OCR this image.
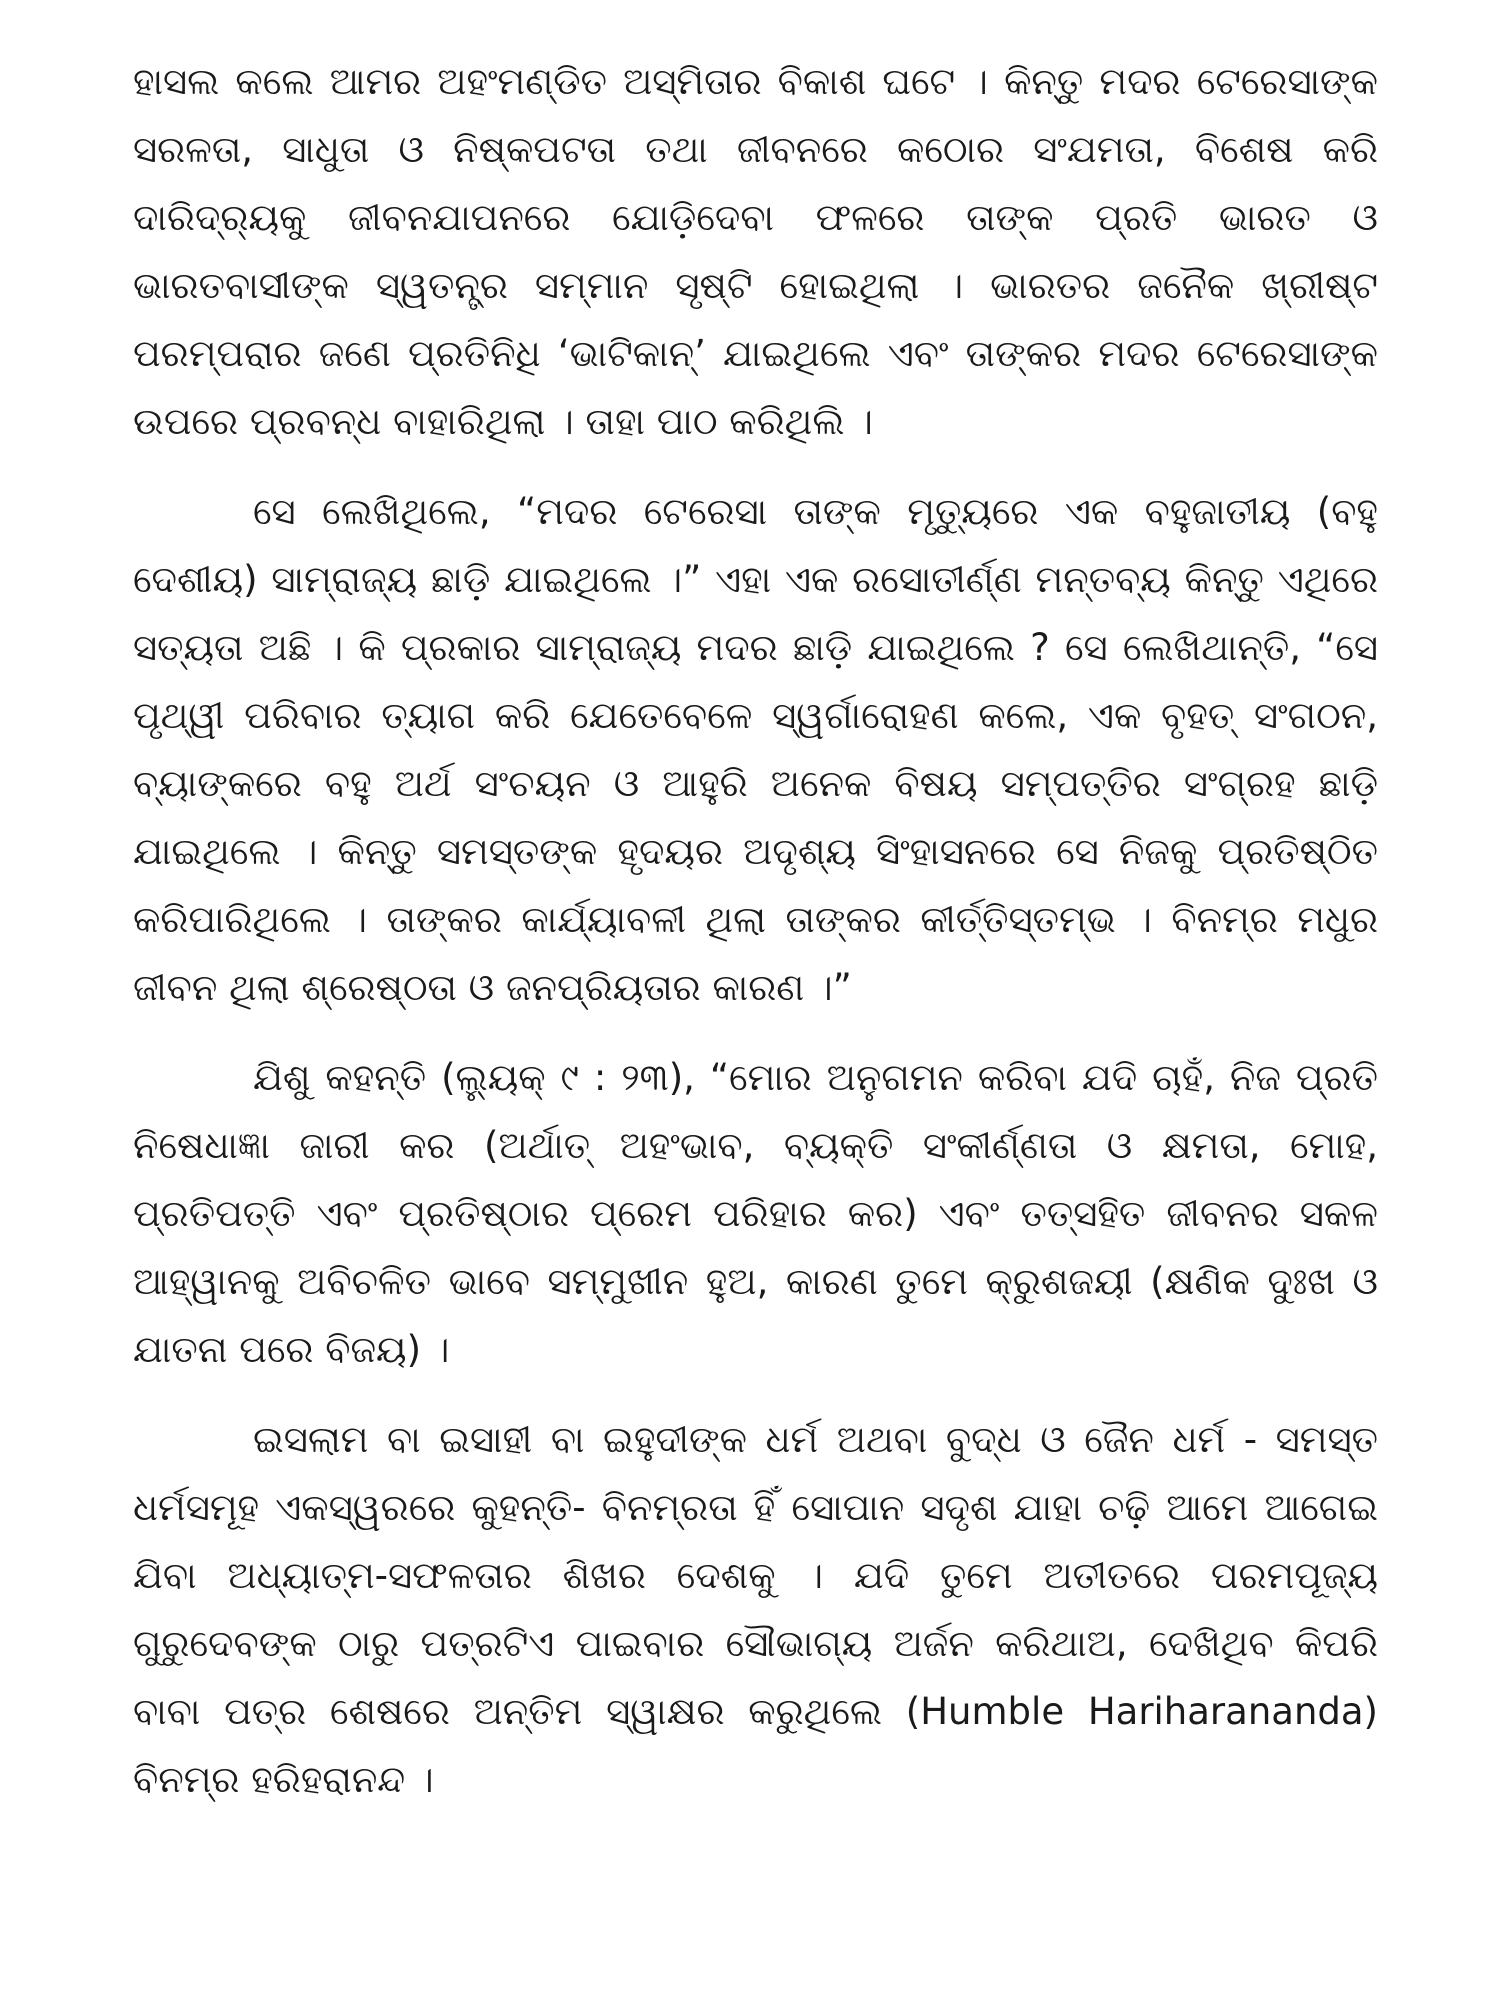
ହାସଲ କଲେ ଆମର ଅହଂମଣ୍ଡିତ ଅସ୍ମିତାର ବିକାଶ ଘଟେ । କିନ୍ତୁ ମଦର ଟେରେସାଙ୍କ ସରଳତା, ସାଧୁତା ଓ ନିଷ୍କପଟତା ତଥା ଜୀବନରେ କଠୋର ସଂଯମତା, ବିଶେଷ କରି ଦାରିଦ୍ର୍ୟକୁ ଜୀବନଯାପନରେ ଯୋଡ଼ିଦେବା ଫଳରେ ତାଙ୍କ ପ୍ରତି ଭାରତ ଓ ଭାରତବାସୀଙ୍କ ସ୍ୱତନ୍ତ୍ର ସମ୍ମାନ ସୃଷ୍ଟି ହୋଇଥିଲା । ଭାରତର ଜନୈକ ଖ୍ରୀଷ୍ଟ ପରମ୍ପରାର ଜଣେ ପ୍ରତିନିଧି ‘ଭାଟିକାନ୍’ ଯାଇଥିଲେ ଏବଂ ତାଙ୍କର ମଦର ଟେରେସାଙ୍କ ଉପରେ ପ୍ରବନ୍ଧ ବାହାରିଥିଲା । ତାହା ପାଠ କରିଥିଲି ।

ସେ ଲେଖିଥିଲେ, “ମଦର ଟେରେସା ତାଙ୍କ ମୃତ୍ୟୁରେ ଏକ ବହୁଜାତୀୟ (ବହୁ ଦେଶୀୟ) ସାମ୍ରାଜ୍ୟ ଛାଡ଼ି ଯାଇଥିଲେ ।” ଏହା ଏକ ରସୋତୀର୍ଣ୍ଣ ମନ୍ତବ୍ୟ କିନ୍ତୁ ଏଥିରେ ସତ୍ୟତା ଅଛି । କି ପ୍ରକାର ସାମ୍ରାଜ୍ୟ ମଦର ଛାଡ଼ି ଯାଇଥିଲେ ? ସେ ଲେଖିଥାନ୍ତି, “ସେ ପୃଥ୍ୱୀ ପରିବାର ତ୍ୟାଗ କରି ଯେତେବେଳେ ସ୍ୱର୍ଗାରୋହଣ କଲେ, ଏକ ବୃହତ୍ ସଂଗଠନ, ବ୍ୟାଙ୍କରେ ବହୁ ଅର୍ଥ ସଂଚୟନ ଓ ଆହୁରି ଅନେକ ବିଷୟ ସମ୍ପତ୍ତିର ସଂଗ୍ରହ ଛାଡ଼ି ଯାଇଥିଲେ । କିନ୍ତୁ ସମସ୍ତଙ୍କ ହୃଦୟର ଅଦୃଶ୍ୟ ସିଂହାସନରେ ସେ ନିଜକୁ ପ୍ରତିଷ୍ଠିତ କରିପାରିଥିଲେ । ତାଙ୍କର କାର୍ଯ୍ୟାବଳୀ ଥିଲା ତାଙ୍କର କୀର୍ତ୍ତିସ୍ତମ୍ଭ । ବିନମ୍ର ମଧୁର ଜୀବନ ଥିଲା ଶ୍ରେଷ୍ଠତା ଓ ଜନପ୍ରିୟତାର କାରଣ ।”

ଯିଶୁ କହନ୍ତି (ଲ୍ୟୁକ୍ ୯ : ୨୩), “ମୋର ଅନୁଗମନ କରିବା ଯଦି ଚାହଁ, ନିଜ ପ୍ରତି ନିଷେଧାଜ୍ଞା ଜାରୀ କର (ଅର୍ଥାତ୍ ଅହଂଭାବ, ବ୍ୟକ୍ତି ସଂକୀର୍ଣ୍ଣତା ଓ କ୍ଷମତା, ମୋହ, ପ୍ରତିପତ୍ତି ଏବଂ ପ୍ରତିଷ୍ଠାର ପ୍ରେମ ପରିହାର କର) ଏବଂ ତତ୍ସହିତ ଜୀବନର ସକଳ ଆହ୍ୱାନକୁ ଅବିଚଳିତ ଭାବେ ସମ୍ମୁଖୀନ ହୁଅ, କାରଣ ତୁମେ କ୍ରୁଶଜୟୀ (କ୍ଷଣିକ ଦୁଃଖ ଓ ଯାତନା ପରେ ବିଜୟ) ।

ଇସଲାମ ବା ଇସାହୀ ବା ଇହୁଦୀଙ୍କ ଧର୍ମ ଅଥବା ବୁଦ୍ଧ ଓ ଜୈନ ଧର୍ମ - ସମସ୍ତ ଧର୍ମସମୂହ ଏକସ୍ୱରରେ କୁହନ୍ତି- ବିନମ୍ରତା ହିଁ ସୋପାନ ସଦୃଶ ଯାହା ଚଢ଼ି ଆମେ ଆଗେଇ ଯିବା ଅଧ୍ୟାତ୍ମ-ସଫଳତାର ଶିଖର ଦେଶକୁ । ଯଦି ତୁମେ ଅତୀତରେ ପରମପୂଜ୍ୟ ଗୁରୁଦେବଙ୍କ ଠାରୁ ପତ୍ରଟିଏ ପାଇବାର ସୌଭାଗ୍ୟ ଅର୍ଜନ କରିଥାଅ, ଦେଖିଥିବ କିପରି ବାବା ପତ୍ର ଶେଷରେ ଅନ୍ତିମ ସ୍ୱାକ୍ଷର କରୁଥିଲେ (Humble Hariharananda) ବିନମ୍ର ହରିହରାନନ୍ଦ ।
